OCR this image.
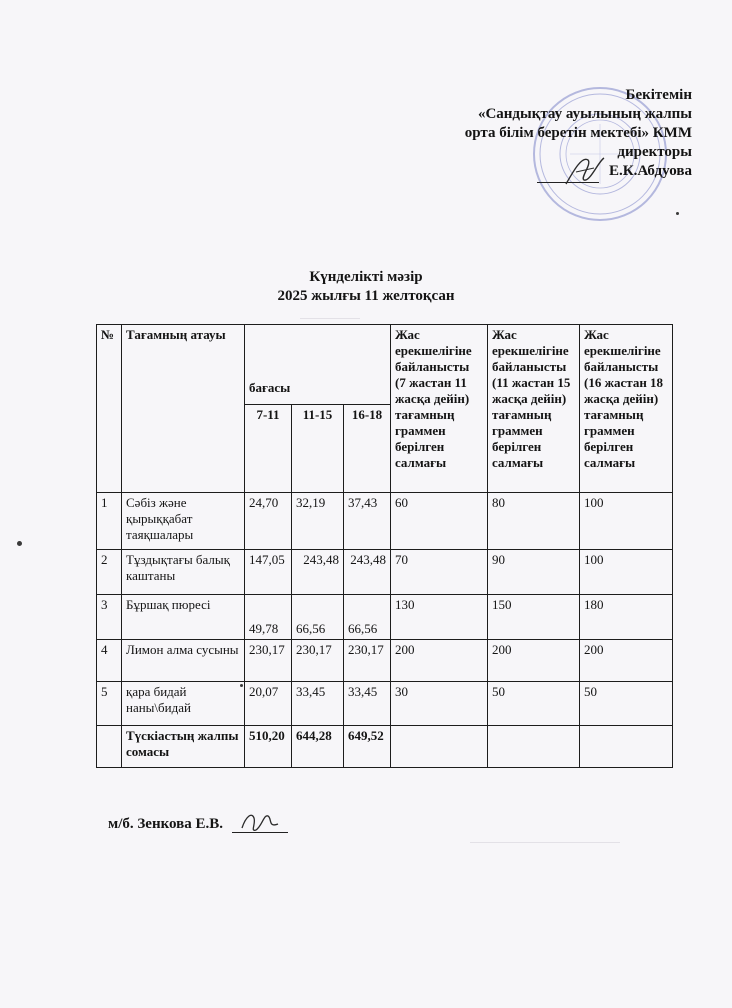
Бекітемін
«Сандықтау ауылының жалпы
орта білім беретін мектебі» КММ
директоры
Е.К.Абдуова
Күнделікті мәзір
2025 жылғы 11 желтоқсан
№	Тағамның атауы	бағасы			Жас ерекшелігіне байланысты (7 жастан 11 жасқа дейін) тағамның граммен берілген салмағы	Жас ерекшелігіне байланысты (11 жастан 15 жасқа дейін) тағамның граммен берілген салмағы	Жас ерекшелігіне байланысты (16 жастан 18 жасқа дейін) тағамның граммен берілген салмағы
		7-11	11-15	16-18			
1	Сәбіз және қырыққабат таяқшалары	24,70	32,19	37,43	60	80	100
2	Тұздықтағы балық каштаны	147,05	243,48	243,48	70	90	100
3	Бұршақ пюресі	49,78	66,56	66,56	130	150	180
4	Лимон алма сусыны	230,17	230,17	230,17	200	200	200
5	қара бидай наны\бидай	20,07	33,45	33,45	30	50	50
	Түскіастың жалпы сомасы	510,20	644,28	649,52			
м/б. Зенкова Е.В.
